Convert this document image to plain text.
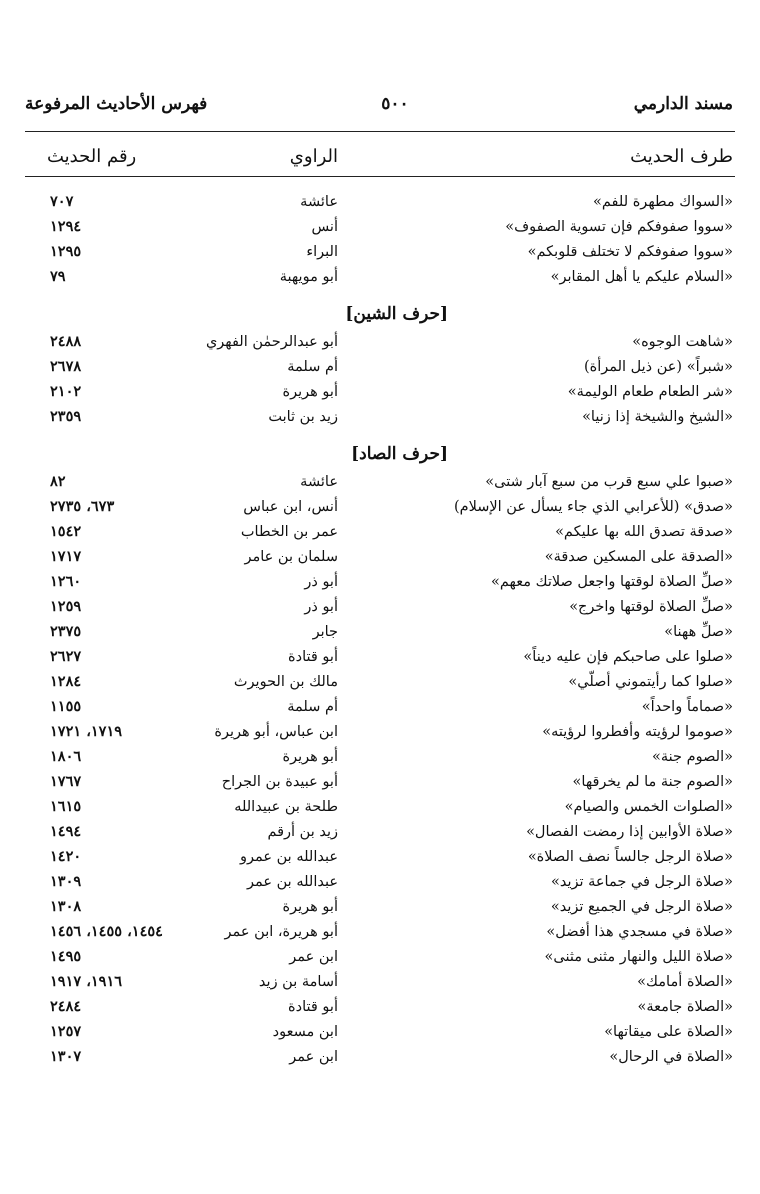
مسند الدارمي
٥٠٠
فهرس الأحاديث المرفوعة
طرف الحديث
الراوي
رقم الحديث
«السواك مطهرة للفم»
عائشة
٧٠٧
«سووا صفوفكم فإن تسوية الصفوف»
أنس
١٢٩٤
«سووا صفوفكم لا تختلف قلوبكم»
البراء
١٢٩٥
«السلام عليكم يا أهل المقابر»
أبو مويهبة
٧٩
[حرف الشين]
«شاهت الوجوه»
أبو عبدالرحمٰن الفهري
٢٤٨٨
«شبراً» (عن ذيل المرأة)
أم سلمة
٢٦٧٨
«شر الطعام طعام الوليمة»
أبو هريرة
٢١٠٢
«الشيخ والشيخة إذا زنيا»
زيد بن ثابت
٢٣٥٩
[حرف الصاد]
«صبوا علي سبع قرب من سبع آبار شتى»
عائشة
٨٢
«صدق» (للأعرابي الذي جاء يسأل عن الإسلام)
أنس، ابن عباس
٦٧٣، ٢٧٣٥
«صدقة تصدق الله بها عليكم»
عمر بن الخطاب
١٥٤٢
«الصدقة على المسكين صدقة»
سلمان بن عامر
١٧١٧
«صلِّ الصلاة لوقتها واجعل صلاتك معهم»
أبو ذر
١٢٦٠
«صلِّ الصلاة لوقتها واخرج»
أبو ذر
١٢٥٩
«صلِّ ههنا»
جابر
٢٣٧٥
«صلوا على صاحبكم فإن عليه ديناً»
أبو قتادة
٢٦٢٧
«صلوا كما رأيتموني أصلّي»
مالك بن الحويرث
١٢٨٤
«صماماً واحداً»
أم سلمة
١١٥٥
«صوموا لرؤيته وأفطروا لرؤيته»
ابن عباس، أبو هريرة
١٧١٩، ١٧٢١
«الصوم جنة»
أبو هريرة
١٨٠٦
«الصوم جنة ما لم يخرقها»
أبو عبيدة بن الجراح
١٧٦٧
«الصلوات الخمس والصيام»
طلحة بن عبيدالله
١٦١٥
«صلاة الأوابين إذا رمضت الفصال»
زيد بن أرقم
١٤٩٤
«صلاة الرجل جالساً نصف الصلاة»
عبدالله بن عمرو
١٤٢٠
«صلاة الرجل في جماعة تزيد»
عبدالله بن عمر
١٣٠٩
«صلاة الرجل في الجميع تزيد»
أبو هريرة
١٣٠٨
«صلاة في مسجدي هذا أفضل»
أبو هريرة، ابن عمر
١٤٥٤، ١٤٥٥، ١٤٥٦
«صلاة الليل والنهار مثنى مثنى»
ابن عمر
١٤٩٥
«الصلاة أمامك»
أسامة بن زيد
١٩١٦، ١٩١٧
«الصلاة جامعة»
أبو قتادة
٢٤٨٤
«الصلاة على ميقاتها»
ابن مسعود
١٢٥٧
«الصلاة في الرحال»
ابن عمر
١٣٠٧
